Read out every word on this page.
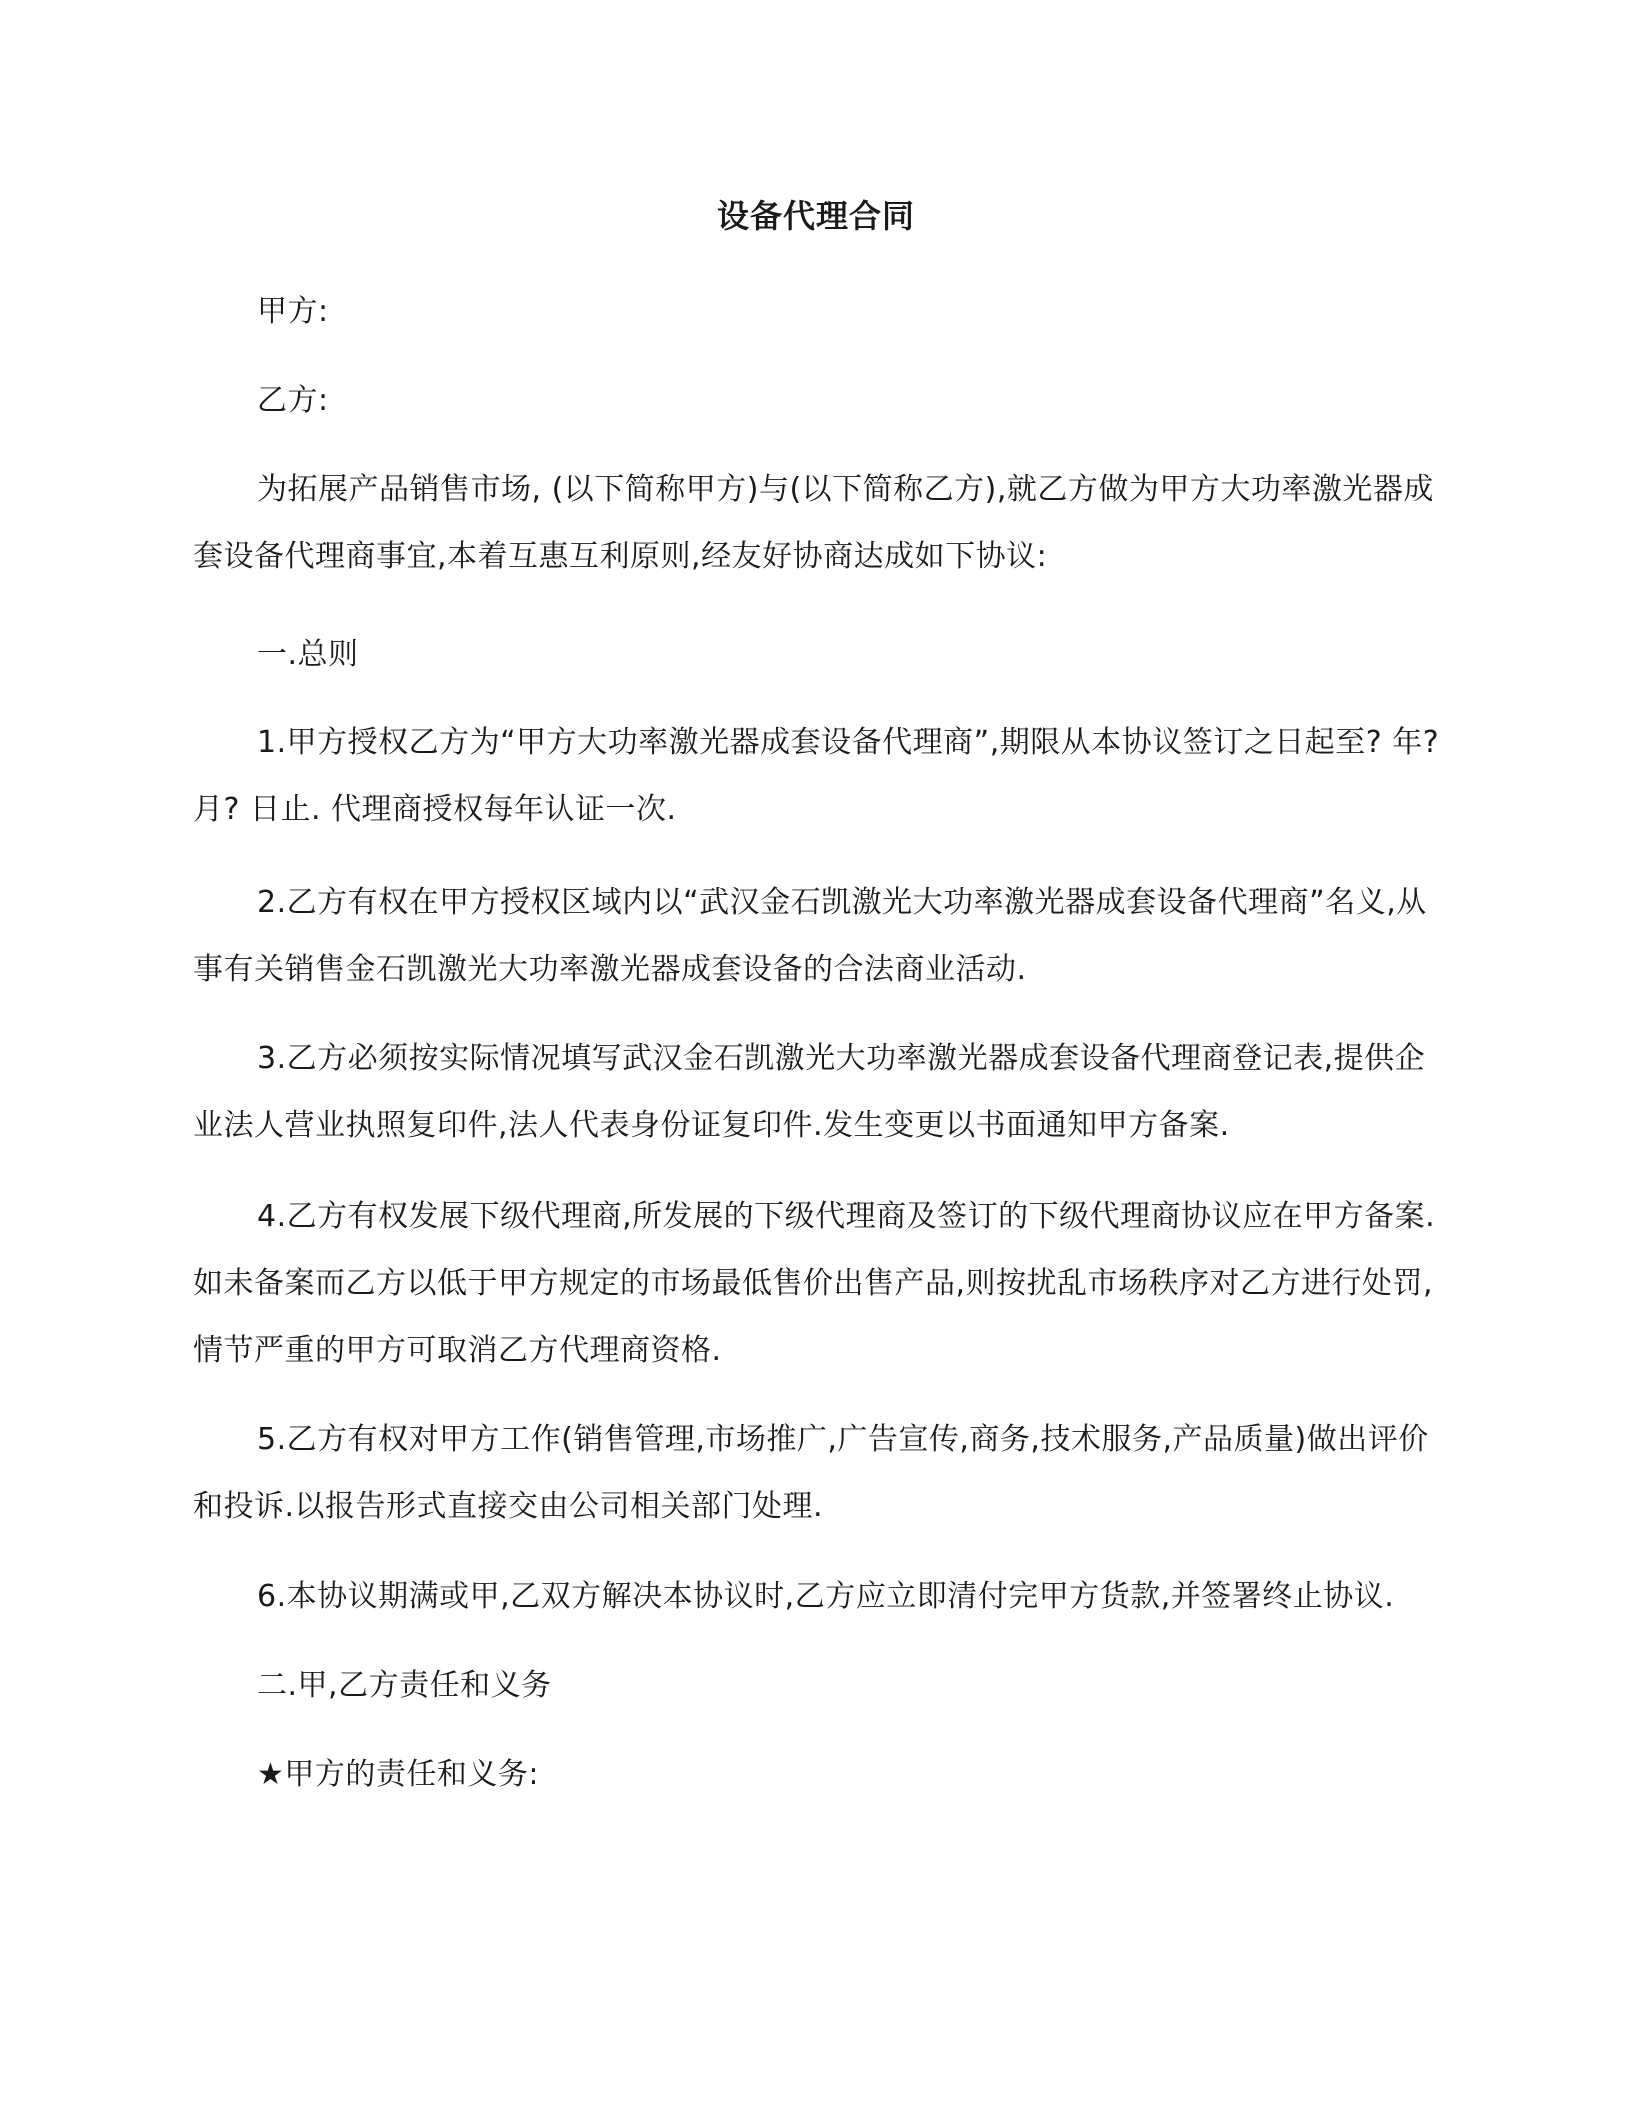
设备代理合同
甲方:
乙方:
为拓展产品销售市场, (以下简称甲方)与(以下简称乙方),就乙方做为甲方大功率激光器成套设备代理商事宜,本着互惠互利原则,经友好协商达成如下协议:
一.总则
1.甲方授权乙方为“甲方大功率激光器成套设备代理商”,期限从本协议签订之日起至? 年? 月? 日止. 代理商授权每年认证一次.
2.乙方有权在甲方授权区域内以“武汉金石凯激光大功率激光器成套设备代理商”名义,从事有关销售金石凯激光大功率激光器成套设备的合法商业活动.
3.乙方必须按实际情况填写武汉金石凯激光大功率激光器成套设备代理商登记表,提供企业法人营业执照复印件,法人代表身份证复印件.发生变更以书面通知甲方备案.
4.乙方有权发展下级代理商,所发展的下级代理商及签订的下级代理商协议应在甲方备案.如未备案而乙方以低于甲方规定的市场最低售价出售产品,则按扰乱市场秩序对乙方进行处罚,情节严重的甲方可取消乙方代理商资格.
5.乙方有权对甲方工作(销售管理,市场推广,广告宣传,商务,技术服务,产品质量)做出评价和投诉.以报告形式直接交由公司相关部门处理.
6.本协议期满或甲,乙双方解决本协议时,乙方应立即清付完甲方货款,并签署终止协议.
二.甲,乙方责任和义务
★甲方的责任和义务:
